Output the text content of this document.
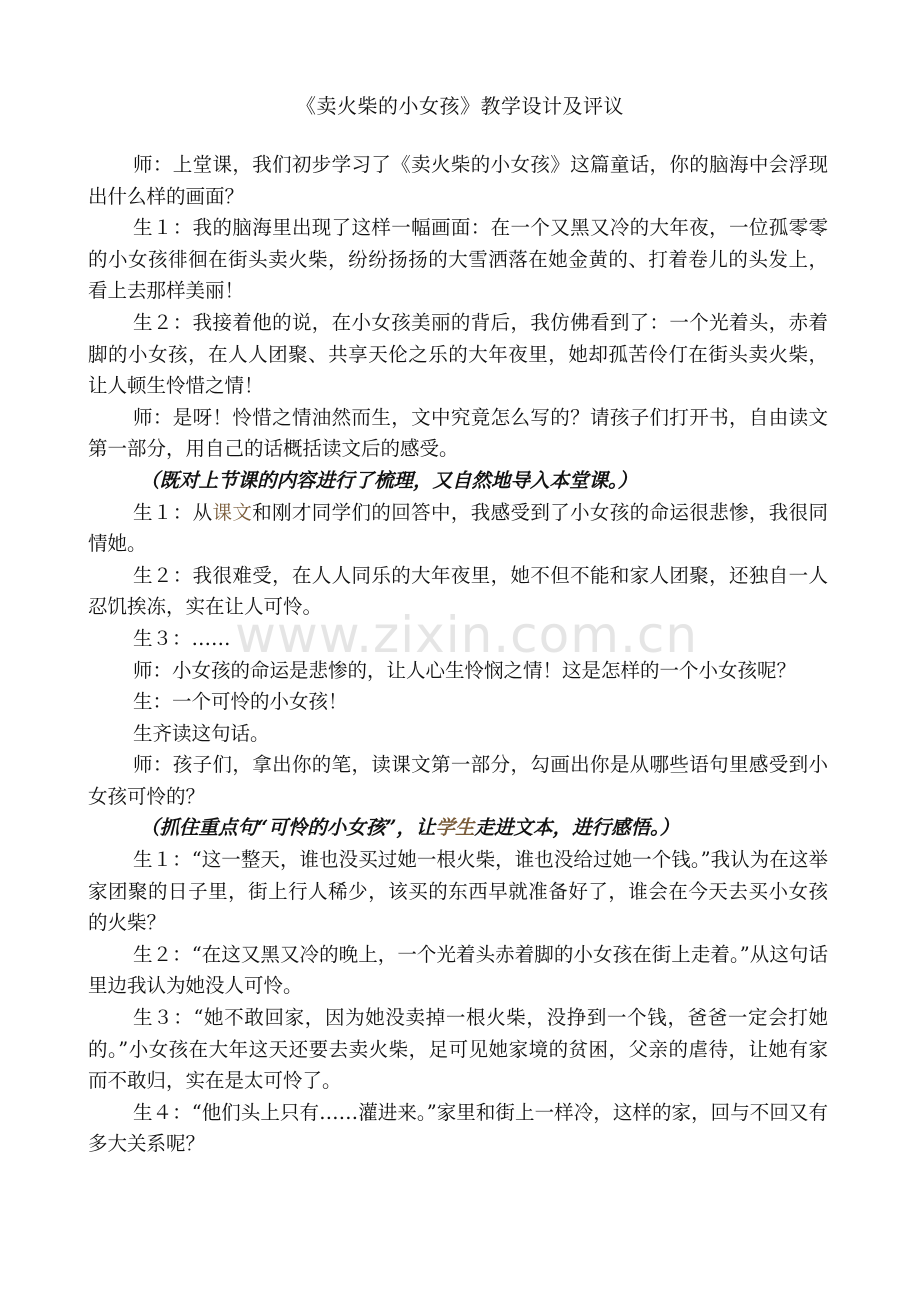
《卖火柴的小女孩》教学设计及评议

师：上堂课，我们初步学习了《卖火柴的小女孩》这篇童话，你的脑海中会浮现出什么样的画面？

生１：我的脑海里出现了这样一幅画面：在一个又黑又冷的大年夜，一位孤零零的小女孩徘徊在街头卖火柴，纷纷扬扬的大雪洒落在她金黄的、打着卷儿的头发上，看上去那样美丽！

生２：我接着他的说，在小女孩美丽的背后，我仿佛看到了：一个光着头，赤着脚的小女孩，在人人团聚、共享天伦之乐的大年夜里，她却孤苦伶仃在街头卖火柴，让人顿生怜惜之情！

师：是呀！怜惜之情油然而生，文中究竟怎么写的？请孩子们打开书，自由读文第一部分，用自己的话概括读文后的感受。

（既对上节课的内容进行了梳理，又自然地导入本堂课。）

生１：从课文和刚才同学们的回答中，我感受到了小女孩的命运很悲惨，我很同情她。

生２：我很难受，在人人同乐的大年夜里，她不但不能和家人团聚，还独自一人忍饥挨冻，实在让人可怜。

生３：……

师：小女孩的命运是悲惨的，让人心生怜悯之情！这是怎样的一个小女孩呢？

生：一个可怜的小女孩！

生齐读这句话。

师：孩子们，拿出你的笔，读课文第一部分，勾画出你是从哪些语句里感受到小女孩可怜的？

（抓住重点句“可怜的小女孩”，让学生走进文本，进行感悟。）

生１：“这一整天，谁也没买过她一根火柴，谁也没给过她一个钱。”我认为在这举家团聚的日子里，街上行人稀少，该买的东西早就准备好了，谁会在今天去买小女孩的火柴？

生２：“在这又黑又冷的晚上，一个光着头赤着脚的小女孩在街上走着。”从这句话里边我认为她没人可怜。

生３：“她不敢回家，因为她没卖掉一根火柴，没挣到一个钱，爸爸一定会打她的。”小女孩在大年这天还要去卖火柴，足可见她家境的贫困，父亲的虐待，让她有家而不敢归，实在是太可怜了。

生４：“他们头上只有……灌进来。”家里和街上一样冷，这样的家，回与不回又有多大关系呢？

www.zixin.com.cn
